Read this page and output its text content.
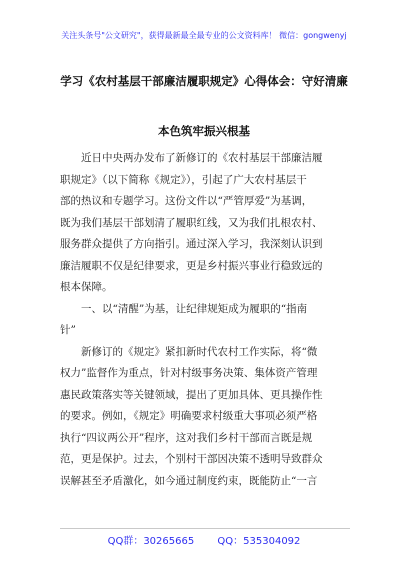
关注头条号"公文研究"，获得最新最全最专业的公文资料库！ 微信：gongwenyj
学习《农村基层干部廉洁履职规定》心得体会：守好清廉
本色筑牢振兴根基
近日中央两办发布了新修订的《农村基层干部廉洁履
职规定》（以下简称《规定》），引起了广大农村基层干
部的热议和专题学习。这份文件以“严管厚爱”为基调，
既为我们基层干部划清了履职红线，又为我们扎根农村、
服务群众提供了方向指引。通过深入学习，我深刻认识到
廉洁履职不仅是纪律要求，更是乡村振兴事业行稳致远的
根本保障。
一、以“清醒”为基，让纪律规矩成为履职的“指南
针”
新修订的《规定》紧扣新时代农村工作实际，将“微
权力”监督作为重点，针对村级事务决策、集体资产管理
惠民政策落实等关键领域，提出了更加具体、更具操作性
的要求。例如，《规定》明确要求村级重大事项必须严格
执行“四议两公开”程序，这对我们乡村干部而言既是规
范，更是保护。过去，个别村干部因决策不透明导致群众
误解甚至矛盾激化，如今通过制度约束，既能防止“一言
QQ群：30265665 QQ：535304092
